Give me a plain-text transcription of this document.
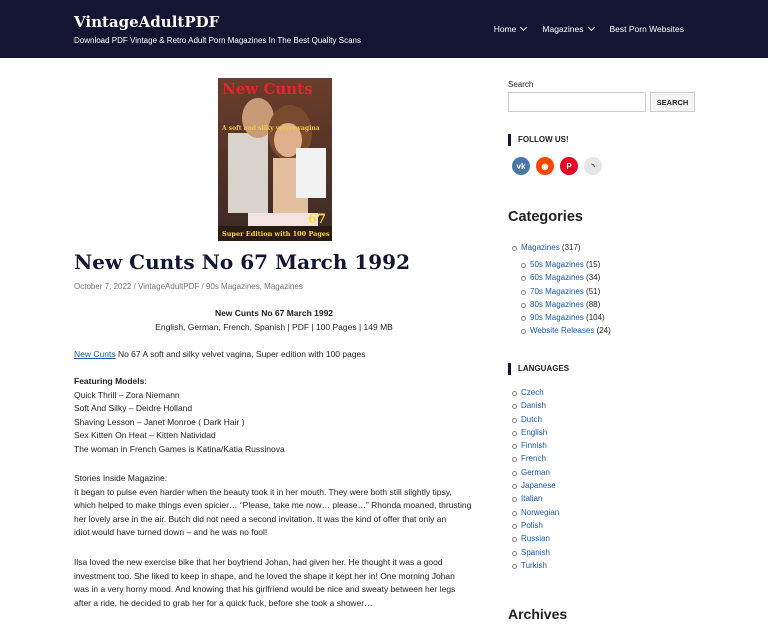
VintageAdultPDF
Download PDF Vintage & Retro Adult Porn Magazines In The Best Quality Scans
Home	Magazines	Best Porn Websites
67
New Cunts
A soft and silky velvet vagina
Super Edition with 100 Pages
New Cunts No 67 March 1992
October 7, 2022 / VintageAdultPDF / 90s Magazines, Magazines
New Cunts No 67 March 1992
English, German, French, Spanish | PDF | 100 Pages | 149 MB
New Cunts No 67 A soft and silky velvet vagina, Super edition with 100 pages
Featuring Models:
Quick Thrill – Zora Niemann
Soft And Silky – Deidre Holland
Shaving Lesson – Janet Monroe ( Dark Hair )
Sex Kitten On Heat – Kitten Natividad
The woman in French Games is Katina/Katia Russinova
Stories Inside Magazine:
It began to pulse even harder when the beauty took it in her mouth. They were both still slightly tipsy,
which helped to make things even spicier… “Please, take me now… please…” Rhonda moaned, thrusting
her lovely arse in the air. Butch did not need a second invitation. It was the kind of offer that only an
idiot would have turned down – and he was no fool!
Ilsa loved the new exercise bike that her boyfriend Johan, had given her. He thought it was a good
investment too. She liked to keep in shape, and he loved the shape it kept her in! One morning Johan
was in a very horny mood. And knowing that his girlfriend would be nice and sweaty between her legs
after a ride, he decided to grab her for a quick fuck, before she took a shower…
Search
SEARCH
FOLLOW US!
vk	◉	P	◝
Categories
Magazines (317)
50s Magazines (15)
60s Magazines (34)
70s Magazines (51)
80s Magazines (88)
90s Magazines (104)
Website Releases (24)
LANGUAGES
Czech
Danish
Dutch
English
Finnish
French
German
Japanese
Italian
Norwegian
Polish
Russian
Spanish
Turkish
Archives
